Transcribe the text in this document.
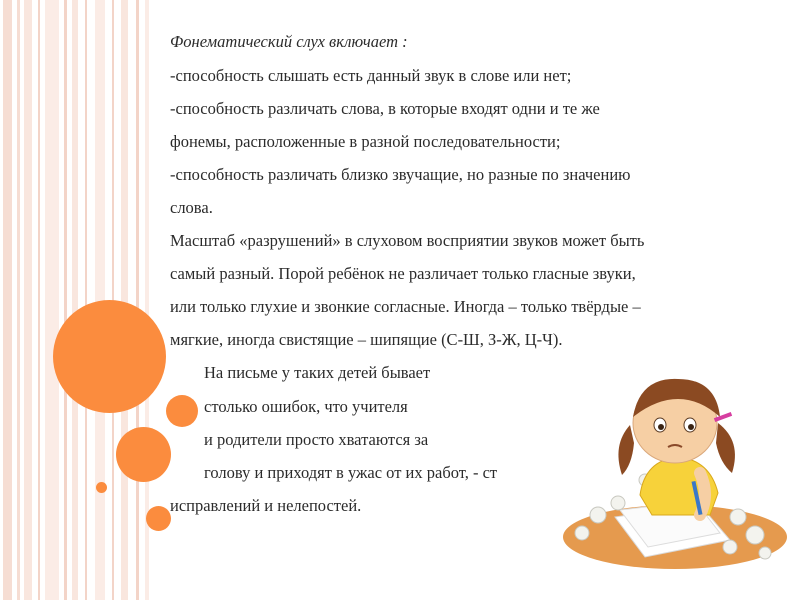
Фонематический слух включает :
-способность слышать есть данный звук в слове или нет;
-способность различать слова, в которые входят одни и те же
фонемы, расположенные в разной последовательности;
-способность различать близко звучащие, но разные по значению
слова.
Масштаб «разрушений» в слуховом восприятии звуков может быть
самый разный. Порой ребёнок не различает только гласные звуки,
или только глухие и звонкие согласные. Иногда – только твёрдые –
мягкие, иногда свистящие – шипящие (С-Ш, З-Ж, Ц-Ч).
На письме у таких детей бывает
столько ошибок, что учителя
и родители просто хватаются за
голову и приходят в ужас от их работ, - ст
исправлений и нелепостей.
